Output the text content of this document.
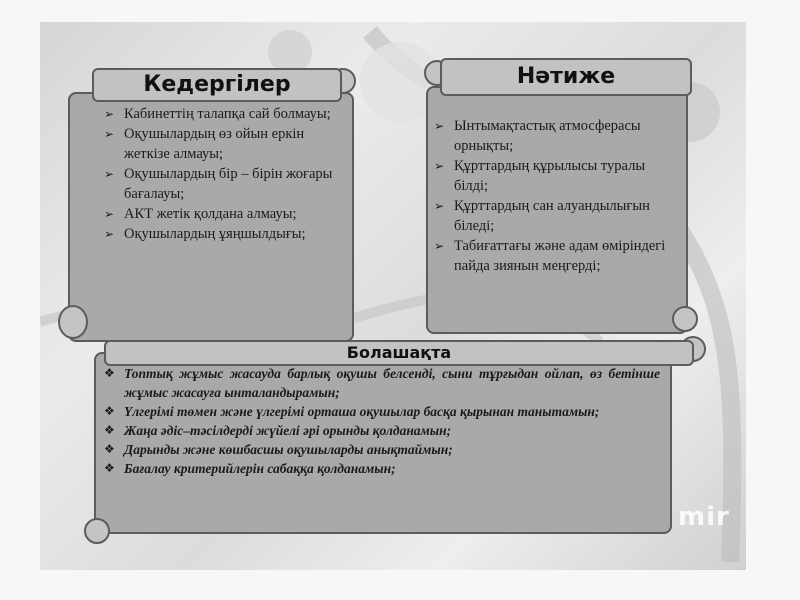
mir
Кедергілер
➢ Кабинеттің талапқа сай болмауы;
➢ Оқушылардың өз ойын еркін жеткізе алмауы;
➢ Оқушылардың бір – бірін жоғары бағалауы;
➢ АКТ жетік қолдана алмауы;
➢ Оқушылардың ұяңшылдығы;
Нәтиже
➢ Ынтымақтастық атмосферасы орнықты;
➢ Құрттардың құрылысы туралы білді;
➢ Құрттардың сан алуандылығын біледі;
➢ Табиғаттағы және адам өміріндегі пайда зиянын меңгерді;
Болашақта
❖ Топтық жұмыс жасауда барлық оқушы белсенді, сыни тұрғыдан ойлап, өз бетінше жұмыс жасауға ынталандырамын;
❖ Үлгерімі төмен және үлгерімі орташа оқушылар басқа қырынан танытамын;
❖ Жаңа әдіс–тәсілдерді жүйелі әрі орынды қолданамын;
❖ Дарынды және көшбасшы оқушыларды анықтаймын;
❖ Бағалау критерийлерін сабаққа қолданамын;
